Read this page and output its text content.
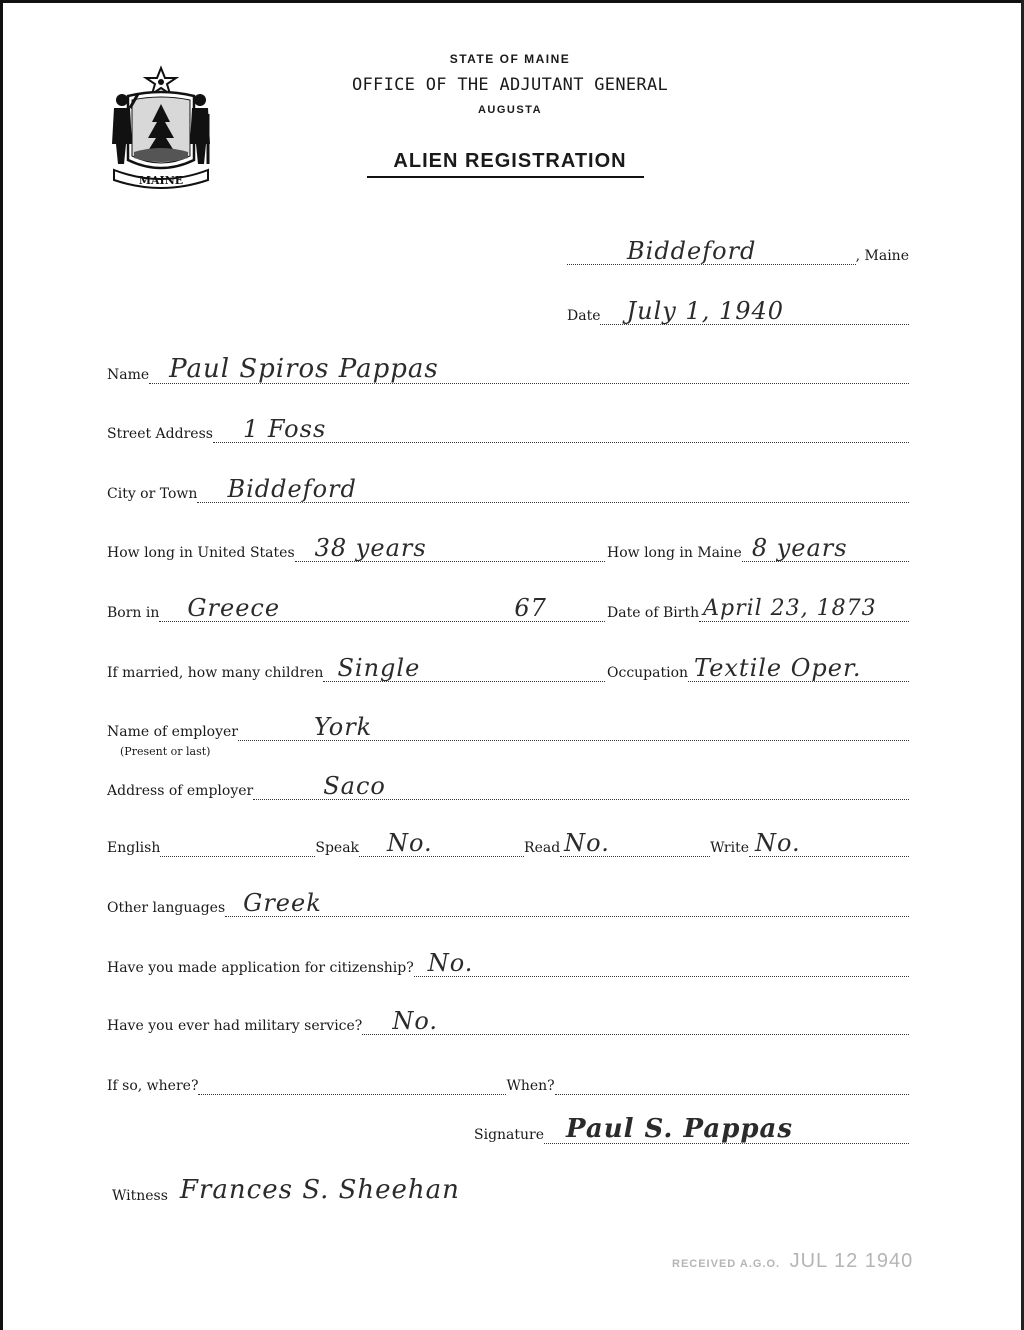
MAINE
STATE OF MAINE
OFFICE OF THE ADJUTANT GENERAL
AUGUSTA
ALIEN REGISTRATION
Biddeford	, Maine
Date July 1, 1940
Name Paul Spiros Pappas
Street Address 1 Foss
City or Town Biddeford
How long in United States 38 years	How long in Maine 8 years
Born in Greece	67	Date of Birth April 23, 1873
If married, how many children Single	Occupation Textile Oper.
Name of employer	York
(Present or last)
Address of employer	Saco
English	Speak No.	Read No.	Write No.
Other languages Greek
Have you made application for citizenship? No.
Have you ever had military service? No.
If so, where?	When?
Signature Paul S. Pappas
Witness Frances S. Sheehan
RECEIVED A.G.O. JUL 12 1940
